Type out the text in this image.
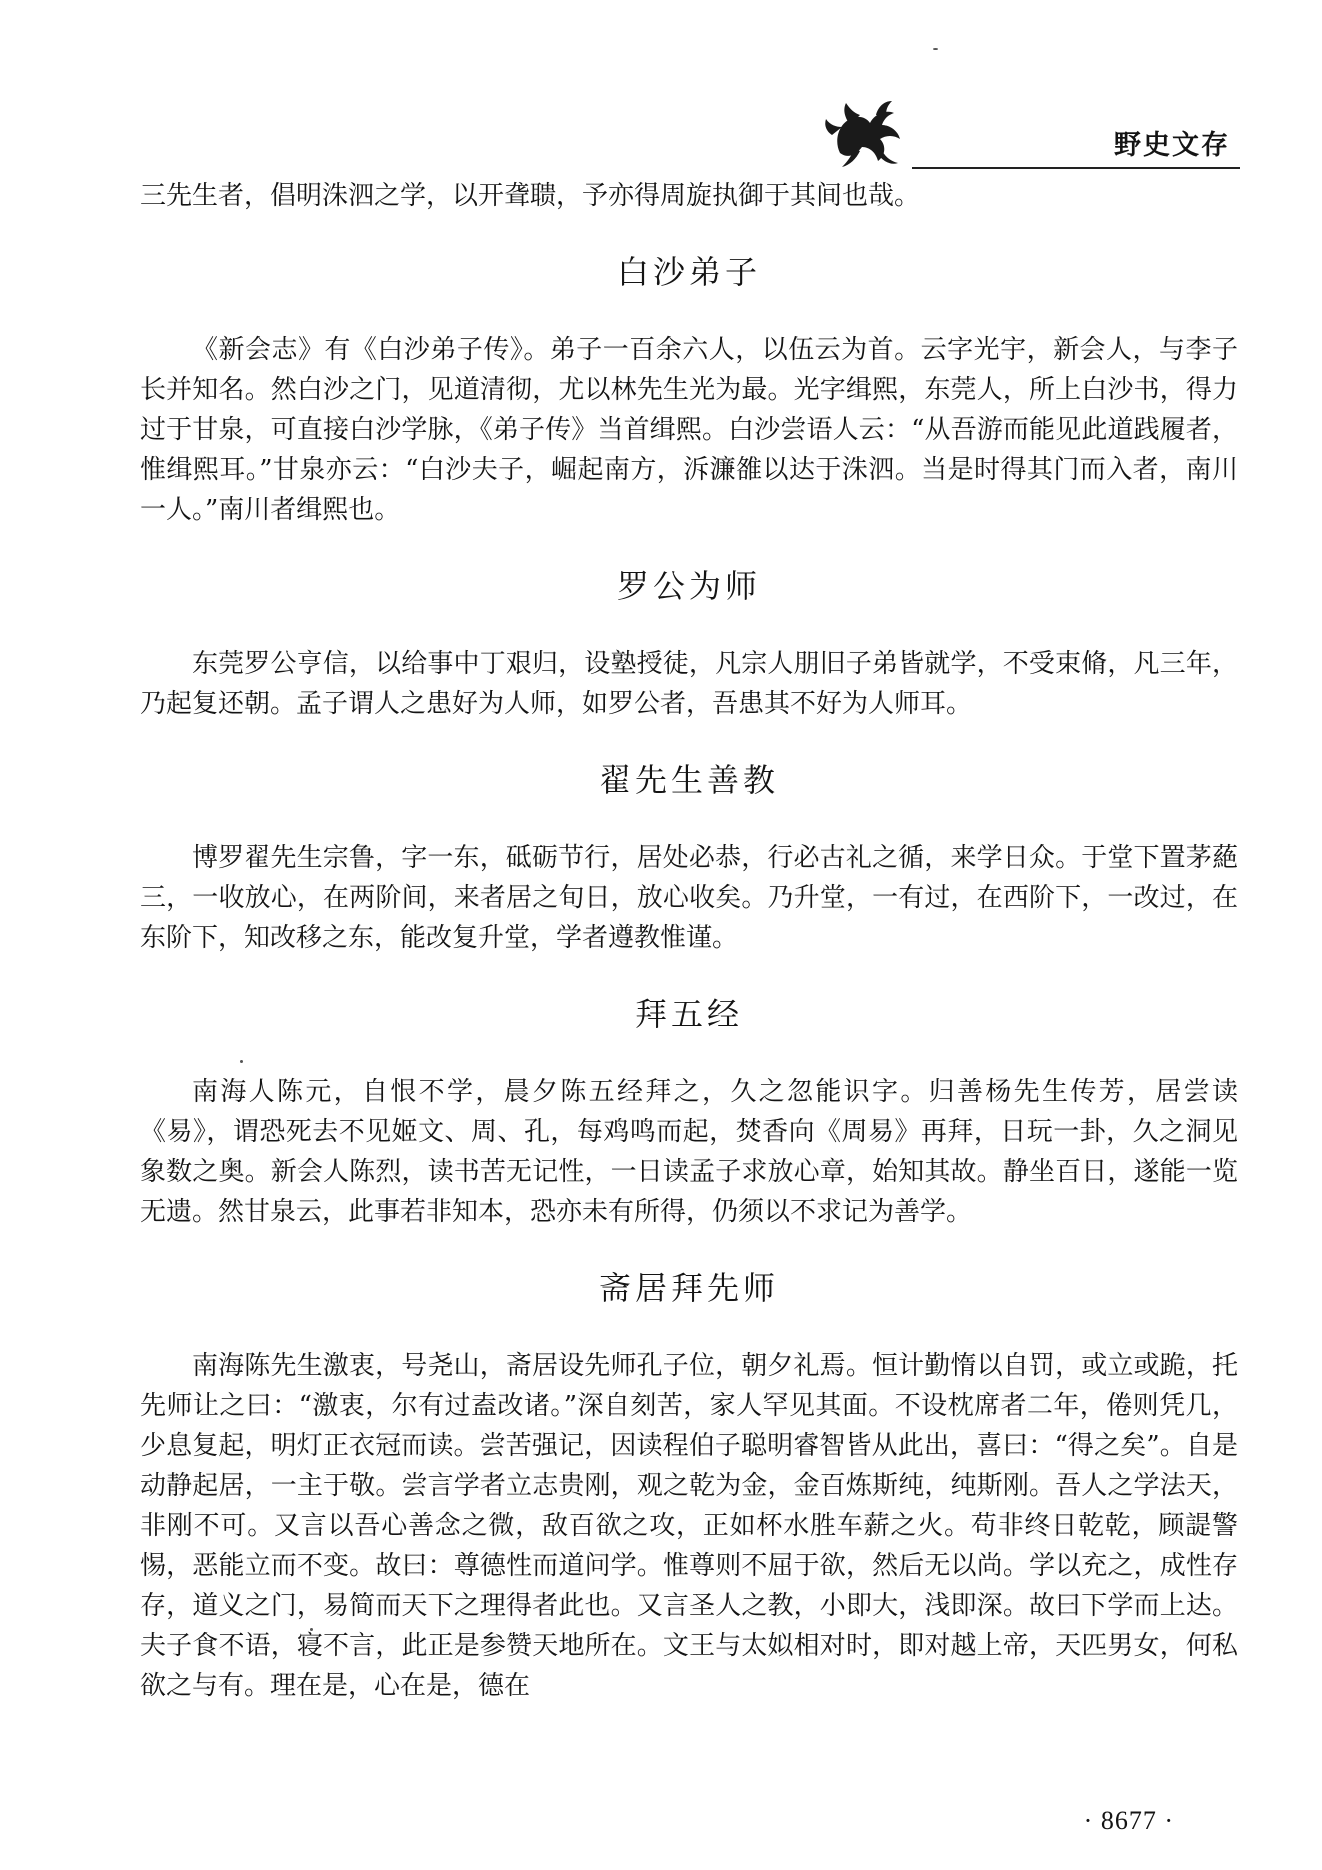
野史文存

三先生者，倡明洙泗之学，以开聋聩，予亦得周旋执御于其间也哉。

白沙弟子

《新会志》有《白沙弟子传》。弟子一百余六人，以伍云为首。云字光宇，新会人，与李子长并知名。然白沙之门，见道清彻，尤以林先生光为最。光字缉熙，东莞人，所上白沙书，得力过于甘泉，可直接白沙学脉，《弟子传》当首缉熙。白沙尝语人云：“从吾游而能见此道践履者，惟缉熙耳。”甘泉亦云：“白沙夫子，崛起南方，泝濂雒以达于洙泗。当是时得其门而入者，南川一人。”南川者缉熙也。

罗公为师

东莞罗公亨信，以给事中丁艰归，设塾授徒，凡宗人朋旧子弟皆就学，不受束脩，凡三年，乃起复还朝。孟子谓人之患好为人师，如罗公者，吾患其不好为人师耳。

翟先生善教

博罗翟先生宗鲁，字一东，砥砺节行，居处必恭，行必古礼之循，来学日众。于堂下置茅蕝三，一收放心，在两阶间，来者居之旬日，放心收矣。乃升堂，一有过，在西阶下，一改过，在东阶下，知改移之东，能改复升堂，学者遵教惟谨。

拜五经

南海人陈元，自恨不学，晨夕陈五经拜之，久之忽能识字。归善杨先生传芳，居尝读《易》，谓恐死去不见姬文、周、孔，每鸡鸣而起，焚香向《周易》再拜，日玩一卦，久之洞见象数之奥。新会人陈烈，读书苦无记性，一日读孟子求放心章，始知其故。静坐百日，遂能一览无遗。然甘泉云，此事若非知本，恐亦未有所得，仍须以不求记为善学。

斋居拜先师

南海陈先生激衷，号尧山，斋居设先师孔子位，朝夕礼焉。恒计勤惰以自罚，或立或跪，托先师让之曰：“激衷，尔有过盍改诸。”深自刻苦，家人罕见其面。不设枕席者二年，倦则凭几，少息复起，明灯正衣冠而读。尝苦强记，因读程伯子聪明睿智皆从此出，喜曰：“得之矣”。自是动静起居，一主于敬。尝言学者立志贵刚，观之乾为金，金百炼斯纯，纯斯刚。吾人之学法天，非刚不可。又言以吾心善念之微，敌百欲之攻，正如杯水胜车薪之火。苟非终日乾乾，顾諟警惕，恶能立而不变。故曰：尊德性而道问学。惟尊则不屈于欲，然后无以尚。学以充之，成性存存，道义之门，易简而天下之理得者此也。又言圣人之教，小即大，浅即深。故曰下学而上达。夫子食不语，寝不言，此正是参赞天地所在。文王与太姒相对时，即对越上帝，天匹男女，何私欲之与有。理在是，心在是，德在

· 8677 ·
